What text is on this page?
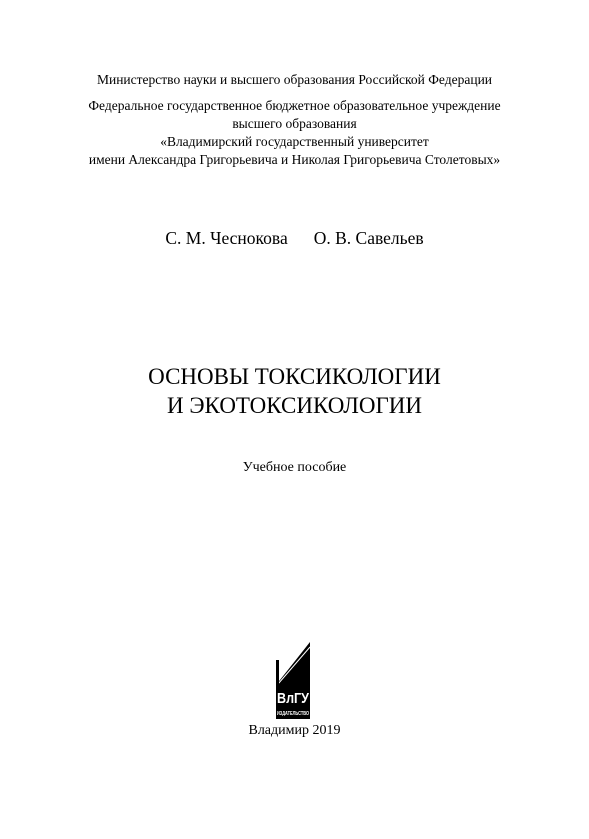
Министерство науки и высшего образования Российской Федерации
Федеральное государственное бюджетное образовательное учреждение
высшего образования
«Владимирский государственный университет
имени Александра Григорьевича и Николая Григорьевича Столетовых»
С. М. Чеснокова О. В. Савельев
ОСНОВЫ ТОКСИКОЛОГИИ
И ЭКОТОКСИКОЛОГИИ
Учебное пособие
ВлГУ
ИЗДАТЕЛЬСТВО
Владимир 2019
